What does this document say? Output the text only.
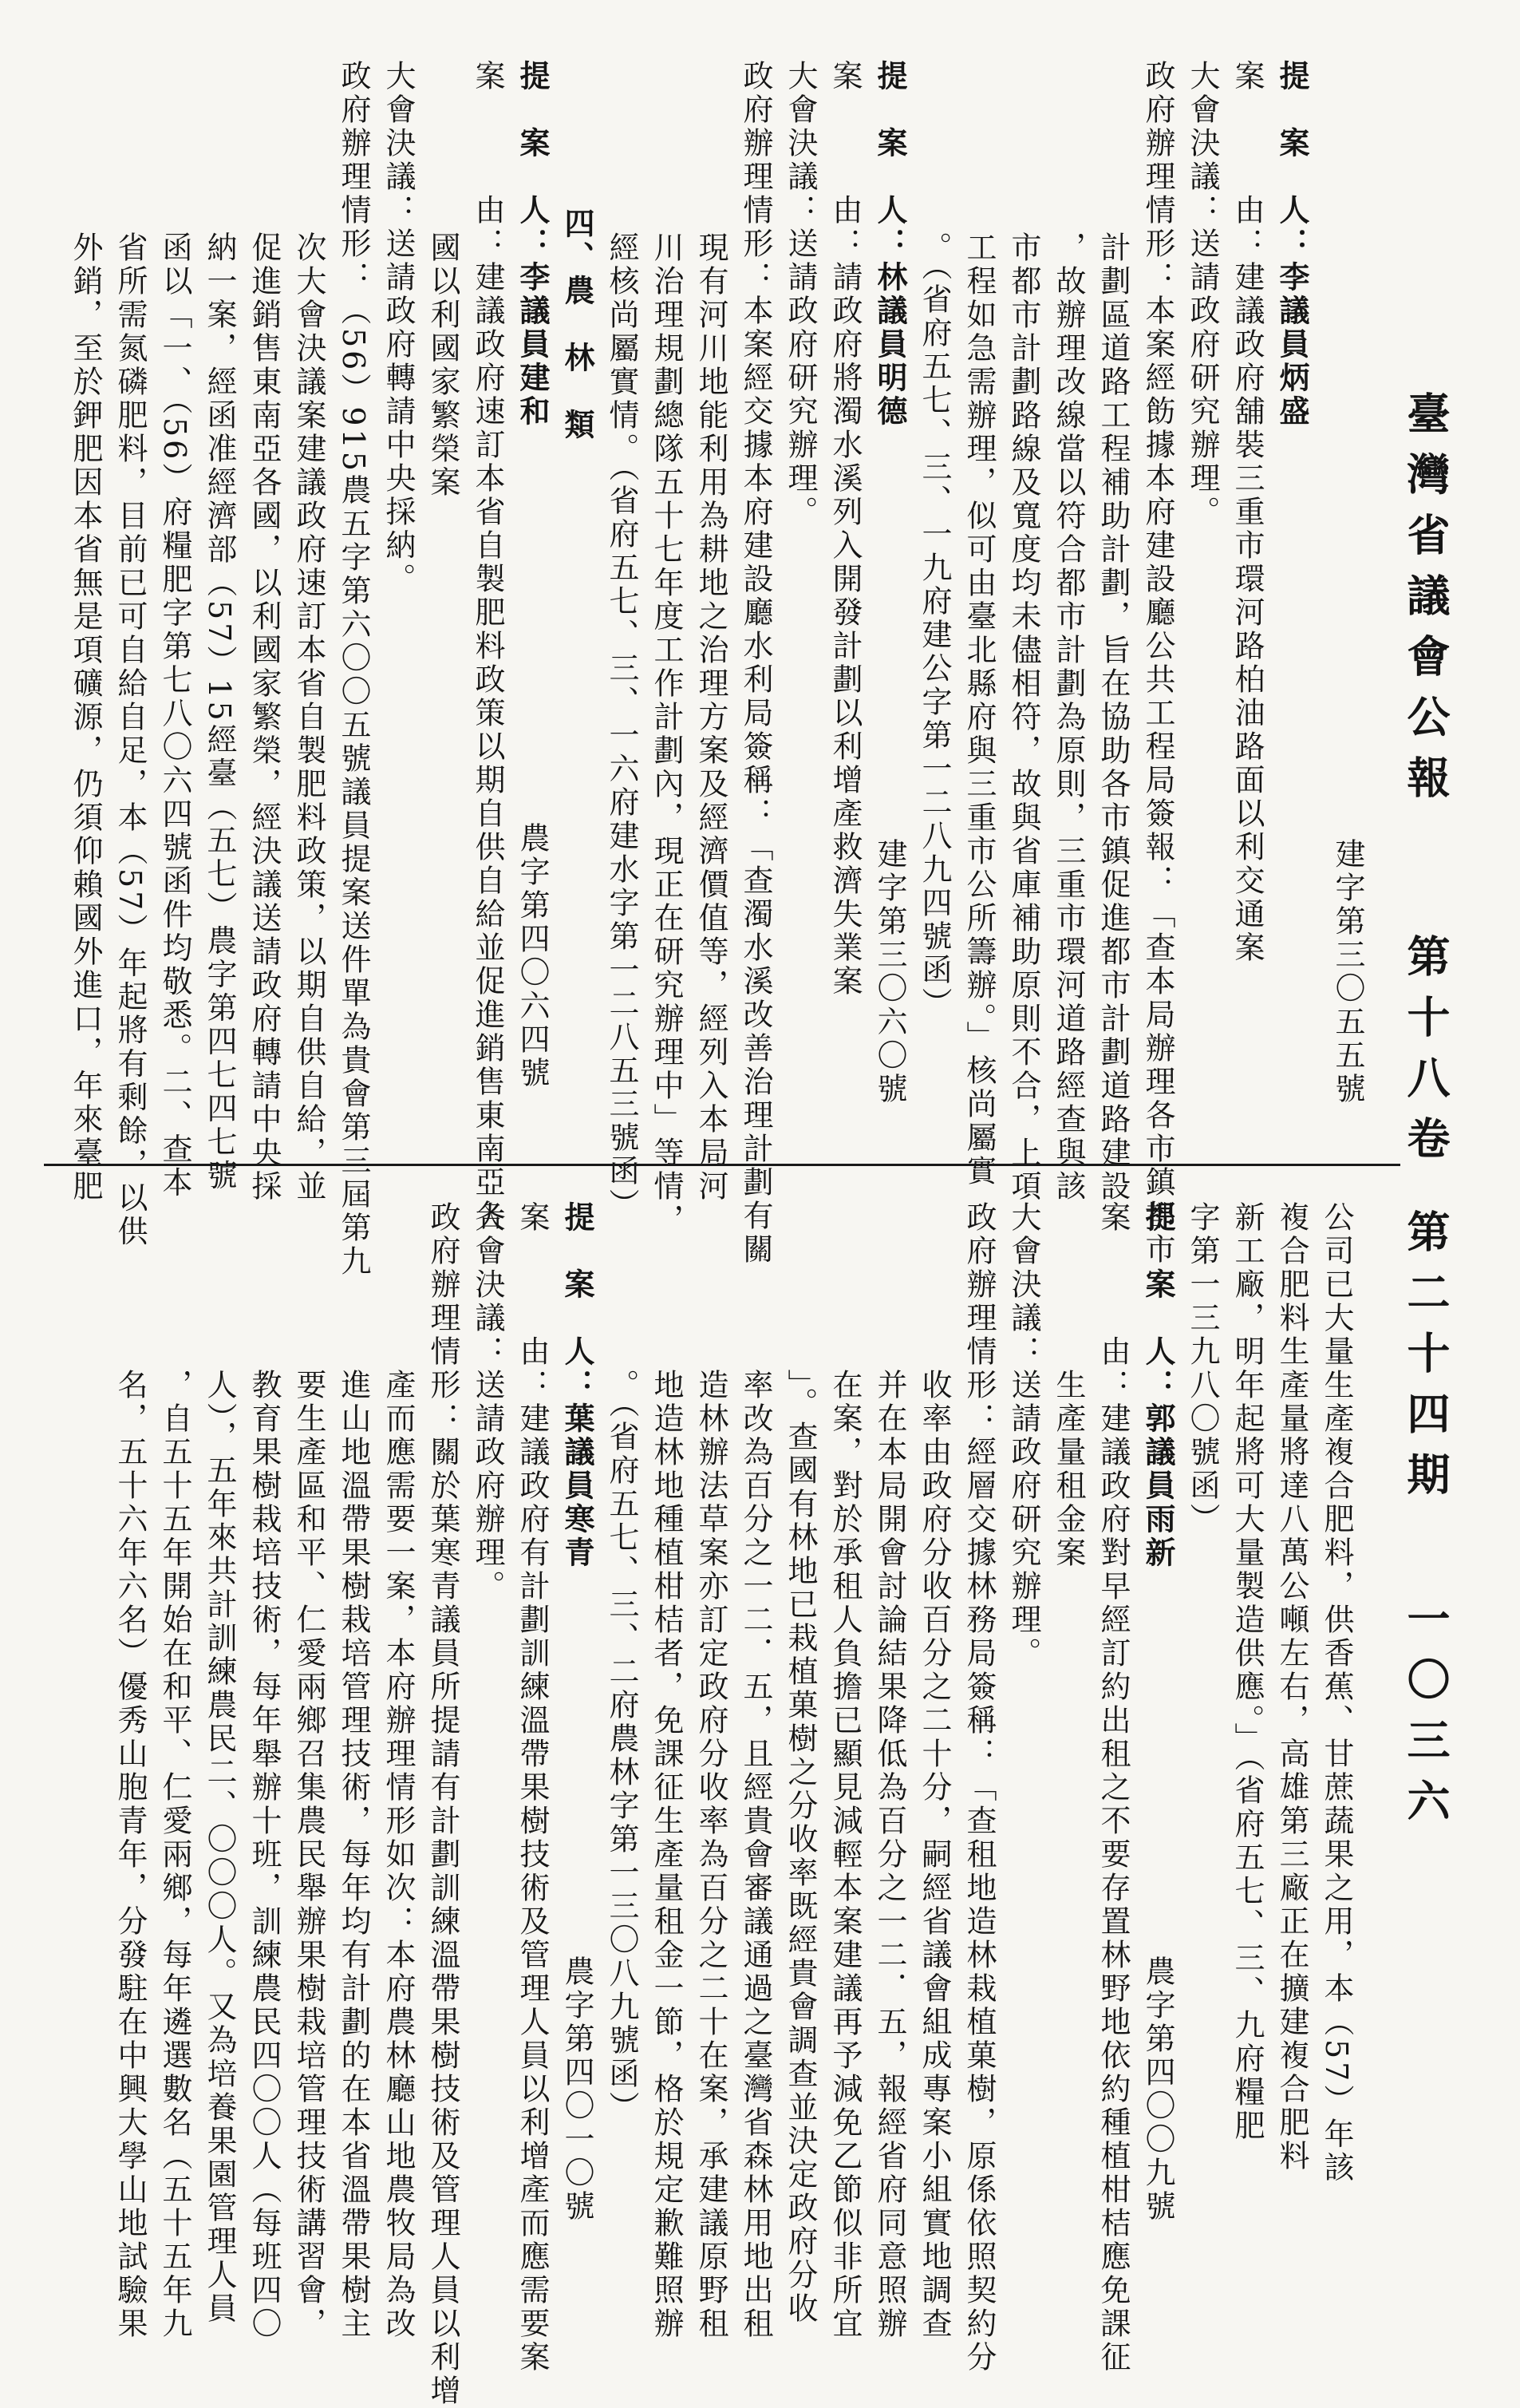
臺灣省議會公報
第十八卷
第二十四期
一〇三六
提　案　人：李議員炳盛
案　　　由：建議政府舖裝三重市環河路柏油路面以利交通案
建字第三〇五五號
大會決議：送請政府研究辦理。
政府辦理情形：本案經飭據本府建設廳公共工程局簽報：「查本局辦理各市鎮都市
計劃區道路工程補助計劃，旨在協助各市鎮促進都市計劃道路建設
，故辦理改線當以符合都市計劃為原則，三重市環河道路經查與該
市都市計劃路線及寬度均未儘相符，故與省庫補助原則不合，上項
工程如急需辦理，似可由臺北縣府與三重市公所籌辦。」核尚屬實
。（省府五七、三、一九府建公字第一二八九四號函）
提　案　人：林議員明德
建字第三〇六〇號
案　　　由：請政府將濁水溪列入開發計劃以利增產救濟失業案
大會決議：送請政府研究辦理。
政府辦理情形：本案經交據本府建設廳水利局簽稱：「查濁水溪改善治理計劃有關
現有河川地能利用為耕地之治理方案及經濟價值等，經列入本局河
川治理規劃總隊五十七年度工作計劃內，現正在研究辦理中」等情，
經核尚屬實情。（省府五七、三、一六府建水字第一二八五三號函）
四、農　林　類
提　案　人：李議員建和
農字第四〇六四號
案　　　由：建議政府速訂本省自製肥料政策以期自供自給並促進銷售東南亞各
國以利國家繁榮案
大會決議：送請政府轉請中央採納。
政府辦理情形：（56）915農五字第六〇〇五號議員提案送件單為貴會第三屆第九
次大會決議案建議政府速訂本省自製肥料政策，以期自供自給，並
促進銷售東南亞各國，以利國家繁榮，經決議送請政府轉請中央採
納一案，經函准經濟部（57）15經臺（五七）農字第四七四七號
函以「一、（56）府糧肥字第七八〇六四號函件均敬悉。二、查本
省所需氮磷肥料，目前已可自給自足，本（57）年起將有剩餘，以供
外銷，至於鉀肥因本省無是項礦源，仍須仰賴國外進口，年來臺肥
公司已大量生產複合肥料，供香蕉、甘蔗蔬果之用，本（57）年該
複合肥料生產量將達八萬公噸左右，高雄第三廠正在擴建複合肥料
新工廠，明年起將可大量製造供應。」（省府五七、三、九府糧肥
字第一三九八〇號函）
提　案　人：郭議員雨新
農字第四〇〇九號
案　　　由：建議政府對早經訂約出租之不要存置林野地依約種植柑桔應免課征
生產量租金案
大會決議：送請政府研究辦理。
政府辦理情形：經層交據林務局簽稱：「查租地造林栽植菓樹，原係依照契約分
收率由政府分收百分之二十分，嗣經省議會組成專案小組實地調查
并在本局開會討論結果降低為百分之一二．五，報經省府同意照辦
在案，對於承租人負擔已顯見減輕本案建議再予減免乙節似非所宜
」。查國有林地已栽植菓樹之分收率既經貴會調查並決定政府分收
率改為百分之一二．五，且經貴會審議通過之臺灣省森林用地出租
造林辦法草案亦訂定政府分收率為百分之二十在案，承建議原野租
地造林地種植柑桔者，免課征生產量租金一節，格於規定歉難照辦
。（省府五七、三、二府農林字第一三〇八九號函）
提　案　人：葉議員寒青
農字第四〇一〇號
案　　　由：建議政府有計劃訓練溫帶果樹技術及管理人員以利增產而應需要案
大會決議：送請政府辦理。
政府辦理情形：關於葉寒青議員所提請有計劃訓練溫帶果樹技術及管理人員以利增
產而應需要一案，本府辦理情形如次：本府農林廳山地農牧局為改
進山地溫帶果樹栽培管理技術，每年均有計劃的在本省溫帶果樹主
要生產區和平、仁愛兩鄉召集農民舉辦果樹栽培管理技術講習會，
教育果樹栽培技術，每年舉辦十班，訓練農民四〇〇人（每班四〇
人），五年來共計訓練農民二、〇〇〇人。又為培養果園管理人員
，自五十五年開始在和平、仁愛兩鄉，每年遴選數名（五十五年九
名，五十六年六名）優秀山胞青年，分發駐在中興大學山地試驗果
